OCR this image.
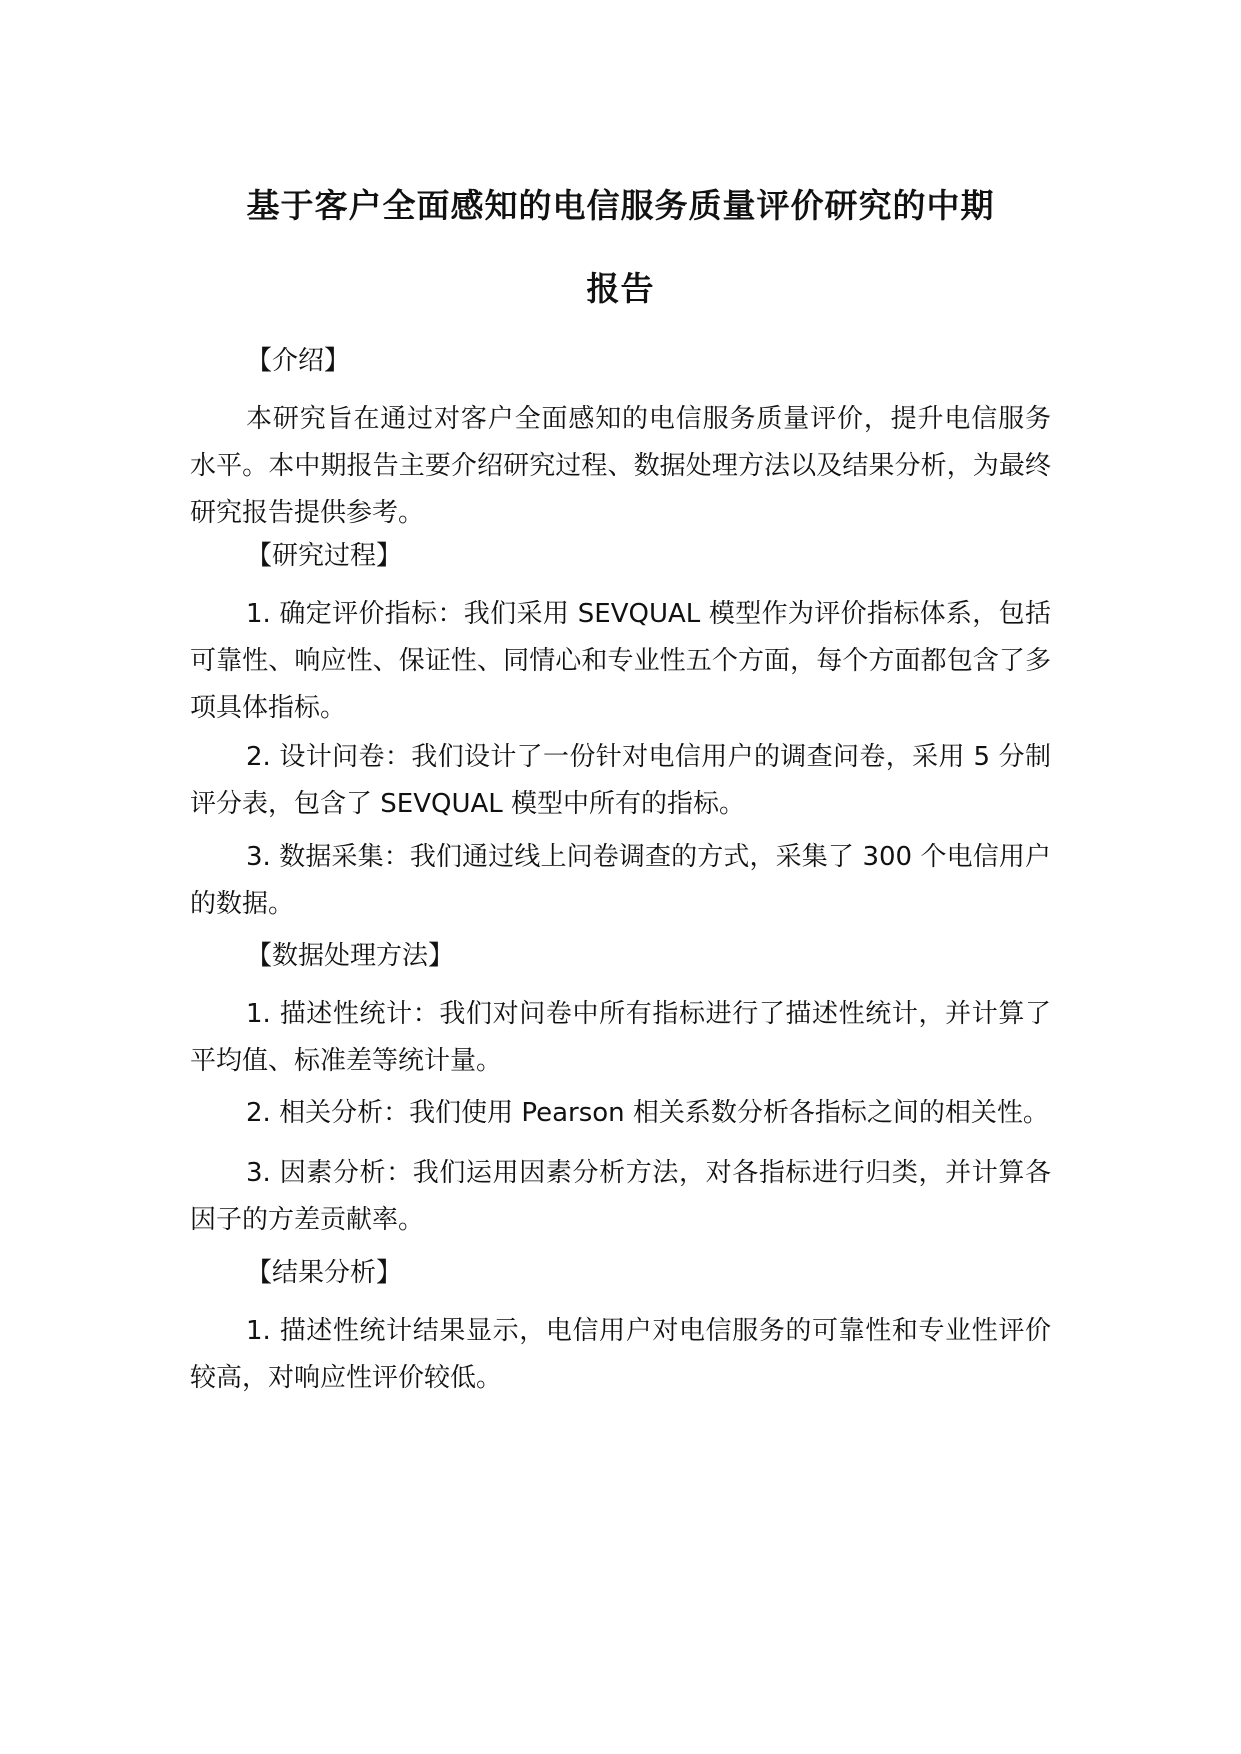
基于客户全面感知的电信服务质量评价研究的中期
报告
【介绍】
本研究旨在通过对客户全面感知的电信服务质量评价，提升电信服务水平。本中期报告主要介绍研究过程、数据处理方法以及结果分析，为最终研究报告提供参考。
【研究过程】
1. 确定评价指标：我们采用 SEVQUAL 模型作为评价指标体系，包括可靠性、响应性、保证性、同情心和专业性五个方面，每个方面都包含了多项具体指标。
2. 设计问卷：我们设计了一份针对电信用户的调查问卷，采用 5 分制评分表，包含了 SEVQUAL 模型中所有的指标。
3. 数据采集：我们通过线上问卷调查的方式，采集了 300 个电信用户的数据。
【数据处理方法】
1. 描述性统计：我们对问卷中所有指标进行了描述性统计，并计算了平均值、标准差等统计量。
2. 相关分析：我们使用 Pearson 相关系数分析各指标之间的相关性。
3. 因素分析：我们运用因素分析方法，对各指标进行归类，并计算各因子的方差贡献率。
【结果分析】
1. 描述性统计结果显示，电信用户对电信服务的可靠性和专业性评价较高，对响应性评价较低。
